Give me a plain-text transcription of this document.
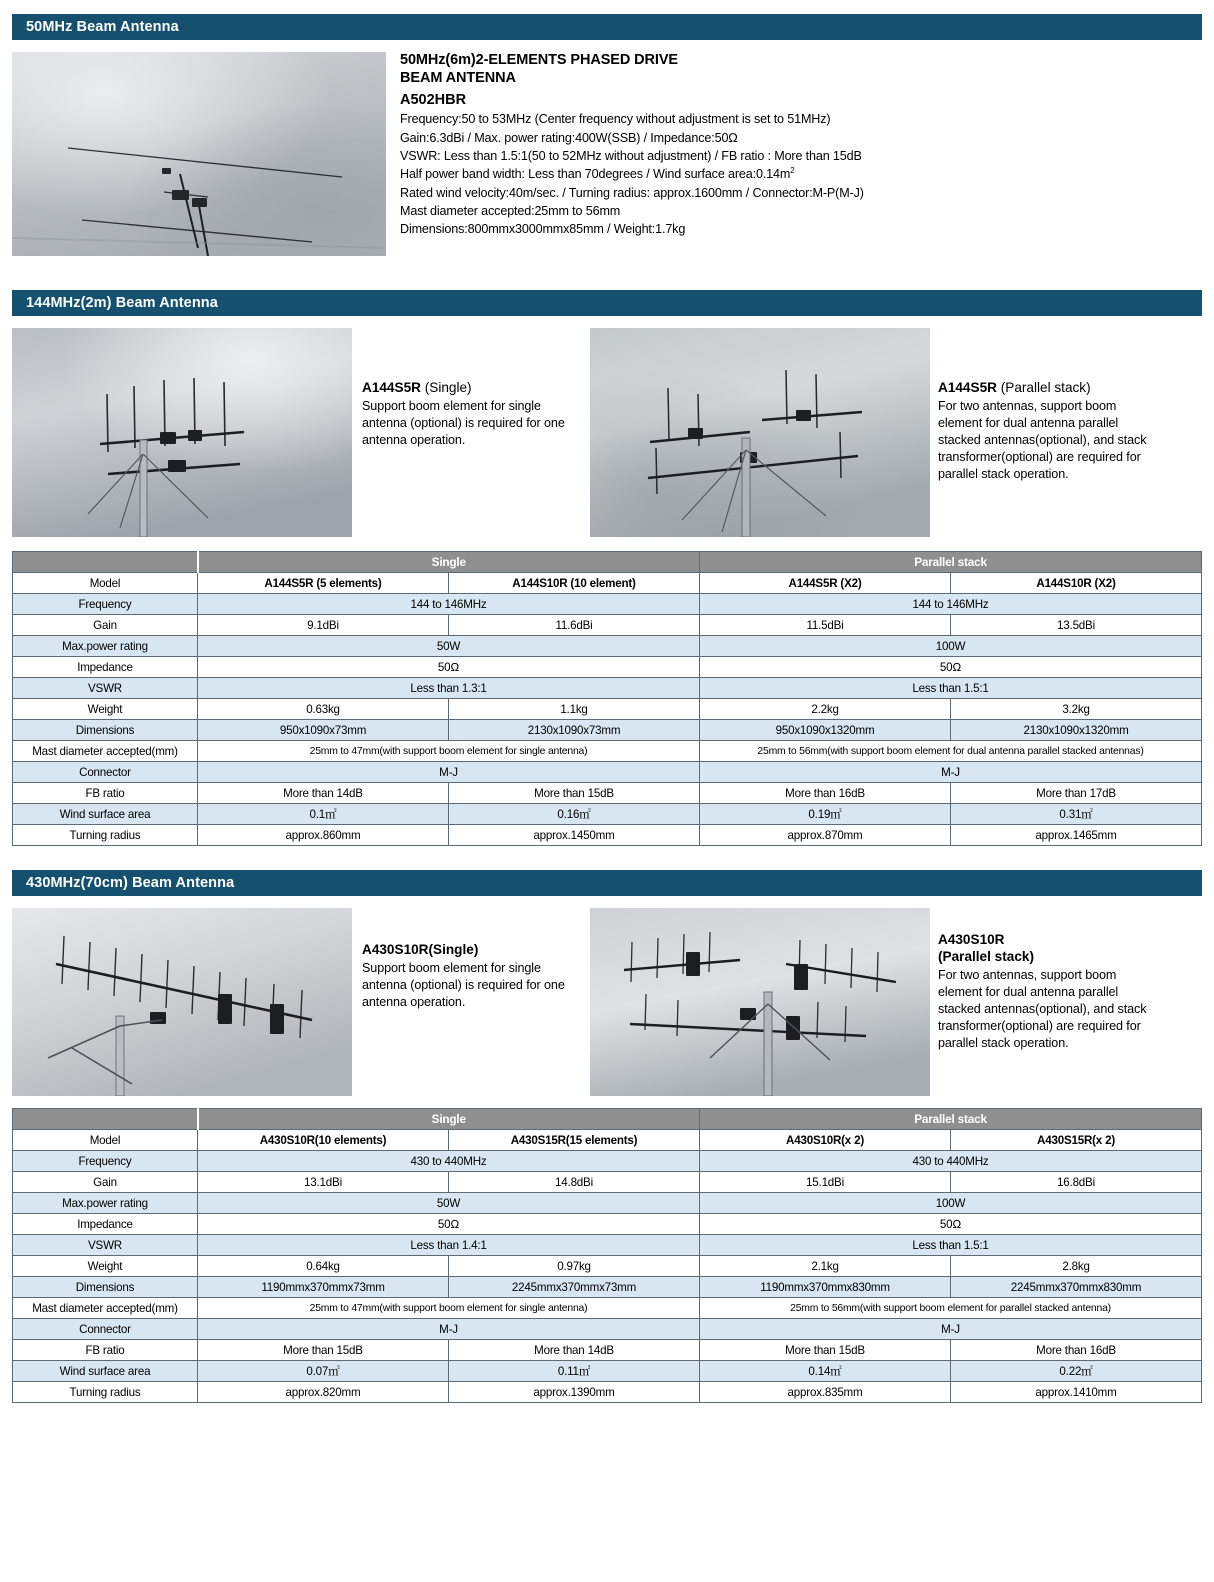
50MHz Beam Antenna
50MHz(6m)2-ELEMENTS PHASED DRIVE
BEAM ANTENNA
A502HBR
Frequency:50 to 53MHz (Center frequency without adjustment is set to 51MHz)
Gain:6.3dBi / Max. power rating:400W(SSB) / Impedance:50Ω
VSWR: Less than 1.5:1(50 to 52MHz without adjustment) / FB ratio : More than 15dB
Half power band width: Less than 70degrees / Wind surface $area:0.14m^2$
Rated wind velocity:40m/sec. / Turning radius: approx.1600mm / Connector:M-P(M-J)
Mast diameter accepted:25mm to 56mm
Dimensions:800mmx3000mmx85mm / Weight:1.7kg
144MHz(2m) Beam Antenna
A144S5R (Single)
Support boom element for single antenna (optional) is required for one antenna operation.
A144S5R (Parallel stack)
For two antennas, support boom element for dual antenna parallel stacked antennas(optional), and stack transformer(optional) are required for parallel stack operation.
	Single		Parallel stack	
Model	A144S5R (5 elements)	A144S10R (10 element)	A144S5R (X2)	A144S10R (X2)
Frequency	144 to 146MHz		144 to 146MHz	
Gain	9.1dBi	11.6dBi	11.5dBi	13.5dBi
Max.power rating	50W		100W	
Impedance	50Ω		50Ω	
VSWR	Less than 1.3:1		Less than 1.5:1	
Weight	0.63kg	1.1kg	2.2kg	3.2kg
Dimensions	950x1090x73mm	2130x1090x73mm	950x1090x1320mm	2130x1090x1320mm
Mast diameter accepted(mm)	25mm to 47mm(with support boom element for single antenna)		25mm to 56mm(with support boom element for dual antenna parallel stacked antennas)	
Connector	M-J		M-J	
FB ratio	More than 14dB	More than 15dB	More than 16dB	More than 17dB
Wind surface area	0.1㎡	0.16㎡	0.19㎡	0.31㎡
Turning radius	approx.860mm	approx.1450mm	approx.870mm	approx.1465mm
430MHz(70cm) Beam Antenna
A430S10R(Single)
Support boom element for single antenna (optional) is required for one antenna operation.
A430S10R
(Parallel stack)
For two antennas, support boom element for dual antenna parallel stacked antennas(optional), and stack transformer(optional) are required for parallel stack operation.
	Single		Parallel stack	
Model	A430S10R(10 elements)	A430S15R(15 elements)	A430S10R(x 2)	A430S15R(x 2)
Frequency	430 to 440MHz		430 to 440MHz	
Gain	13.1dBi	14.8dBi	15.1dBi	16.8dBi
Max.power rating	50W		100W	
Impedance	50Ω		50Ω	
VSWR	Less than 1.4:1		Less than 1.5:1	
Weight	0.64kg	0.97kg	2.1kg	2.8kg
Dimensions	1190mmx370mmx73mm	2245mmx370mmx73mm	1190mmx370mmx830mm	2245mmx370mmx830mm
Mast diameter accepted(mm)	25mm to 47mm(with support boom element for single antenna)		25mm to 56mm(with support boom element for parallel stacked antenna)	
Connector	M-J		M-J	
FB ratio	More than 15dB	More than 14dB	More than 15dB	More than 16dB
Wind surface area	0.07㎡	0.11㎡	0.14㎡	0.22㎡
Turning radius	approx.820mm	approx.1390mm	approx.835mm	approx.1410mm
